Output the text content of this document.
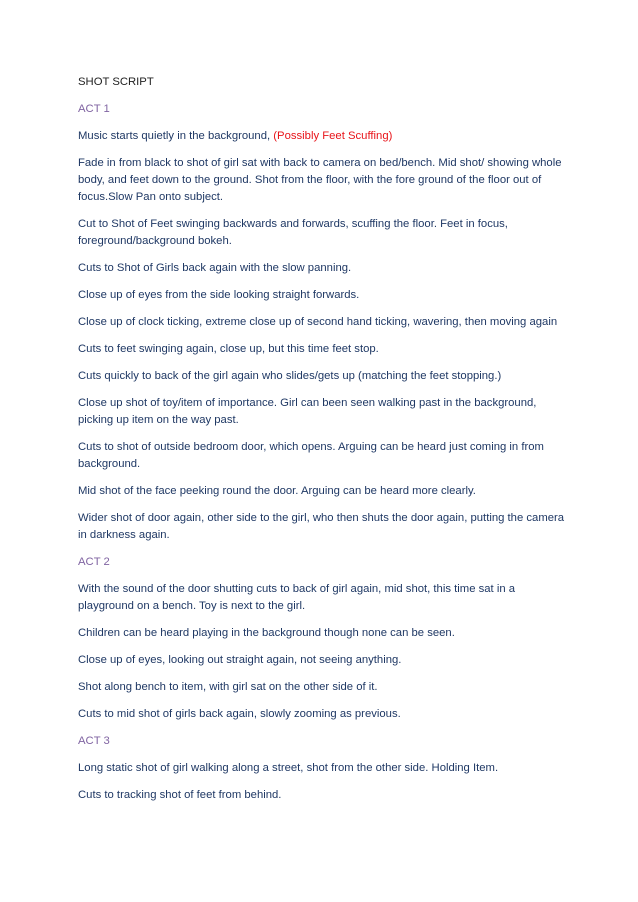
SHOT SCRIPT

ACT 1

Music starts quietly in the background, (Possibly Feet Scuffing)

Fade in from black to shot of girl sat with back to camera on bed/bench. Mid shot/ showing whole body, and feet down to the ground. Shot from the floor, with the fore ground of the floor out of focus.Slow Pan onto subject.

Cut to Shot of Feet swinging backwards and forwards, scuffing the floor. Feet in focus, foreground/background bokeh.

Cuts to Shot of Girls back again with the slow panning.

Close up of eyes from the side looking straight forwards.

Close up of clock ticking, extreme close up of second hand ticking, wavering, then moving again

Cuts to feet swinging again, close up, but this time feet stop.

Cuts quickly to back of the girl again who slides/gets up (matching the feet stopping.)

Close up shot of toy/item of importance. Girl can been seen walking past in the background, picking up item on the way past.

Cuts to shot of outside bedroom door, which opens. Arguing can be heard just coming in from background.

Mid shot of the face peeking round the door. Arguing can be heard more clearly.

Wider shot of door again, other side to the girl, who then shuts the door again, putting the camera in darkness again.

ACT 2

With the sound of the door shutting cuts to back of girl again, mid shot, this time sat in a playground on a bench. Toy is next to the girl.

Children can be heard playing in the background though none can be seen.

Close up of eyes, looking out straight again, not seeing anything.

Shot along bench to item, with girl sat on the other side of it.

Cuts to mid shot of girls back again, slowly zooming as previous.

ACT 3

Long static shot of girl walking along a street, shot from the other side. Holding Item.

Cuts to tracking shot of feet from behind.
